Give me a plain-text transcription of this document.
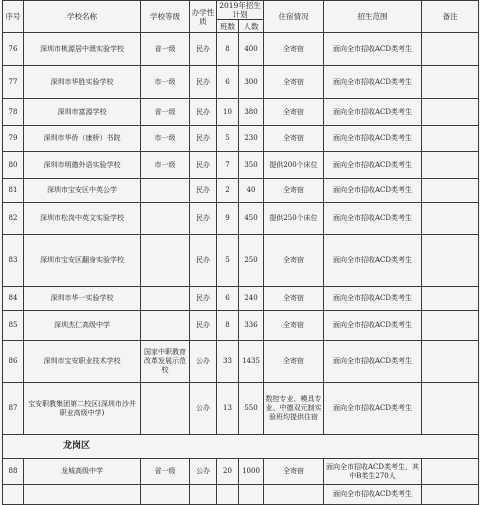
序号	学校名称	学校等级	办学性质	2019年招生计划		住宿情况	招生范围	备注
				班数	人数			
76	深圳市桃源居中澳实验学校	省一级	民办	8	400	全寄宿	面向全市招收ACD类考生	
77	深圳市华胜实验学校	市一级	民办	6	300	全寄宿	面向全市招收ACD类考生	
78	深圳市富源学校	省一级	民办	10	380	全寄宿	面向全市招收ACD类考生	
79	深圳市华侨（康桥）书院	市一级	民办	5	230	全寄宿	面向全市招收ACD类考生	
80	深圳市明德外语实验学校	市一级	民办	7	350	提供200个床位	面向全市招收ACD类考生	
81	深圳市宝安区中英公学		民办	2	40	全寄宿	面向全市招收ACD类考生	
82	深圳市松岗中英文实验学校		民办	9	450	提供250个床位	面向全市招收ACD类考生	
83	深圳市宝安区翻身实验学校		民办	5	250	全寄宿	面向全市招收ACD类考生	
84	深圳市华一实验学校		民办	6	240	全寄宿	面向全市招收ACD类考生	
85	深圳杰仁高级中学		民办	8	336	全寄宿	面向全市招收ACD类考生	
86	深圳市宝安职业技术学校	国家中职教育改革发展示范校	公办	33	1435	全寄宿	面向全市招收ACD类考生	
87	宝安职教集团第二校区(深圳市沙井职业高级中学)		公办	13	550	数控专业、模具专业、中德双元制实验班均提供住宿	面向全市招收ACD类考生	
龙岗区								
88	龙城高级中学	省一级	公办	20	1000	全寄宿	面向全市招收ACD类考生，其中B类生270人	
							面向全市招收ACD类考生	
